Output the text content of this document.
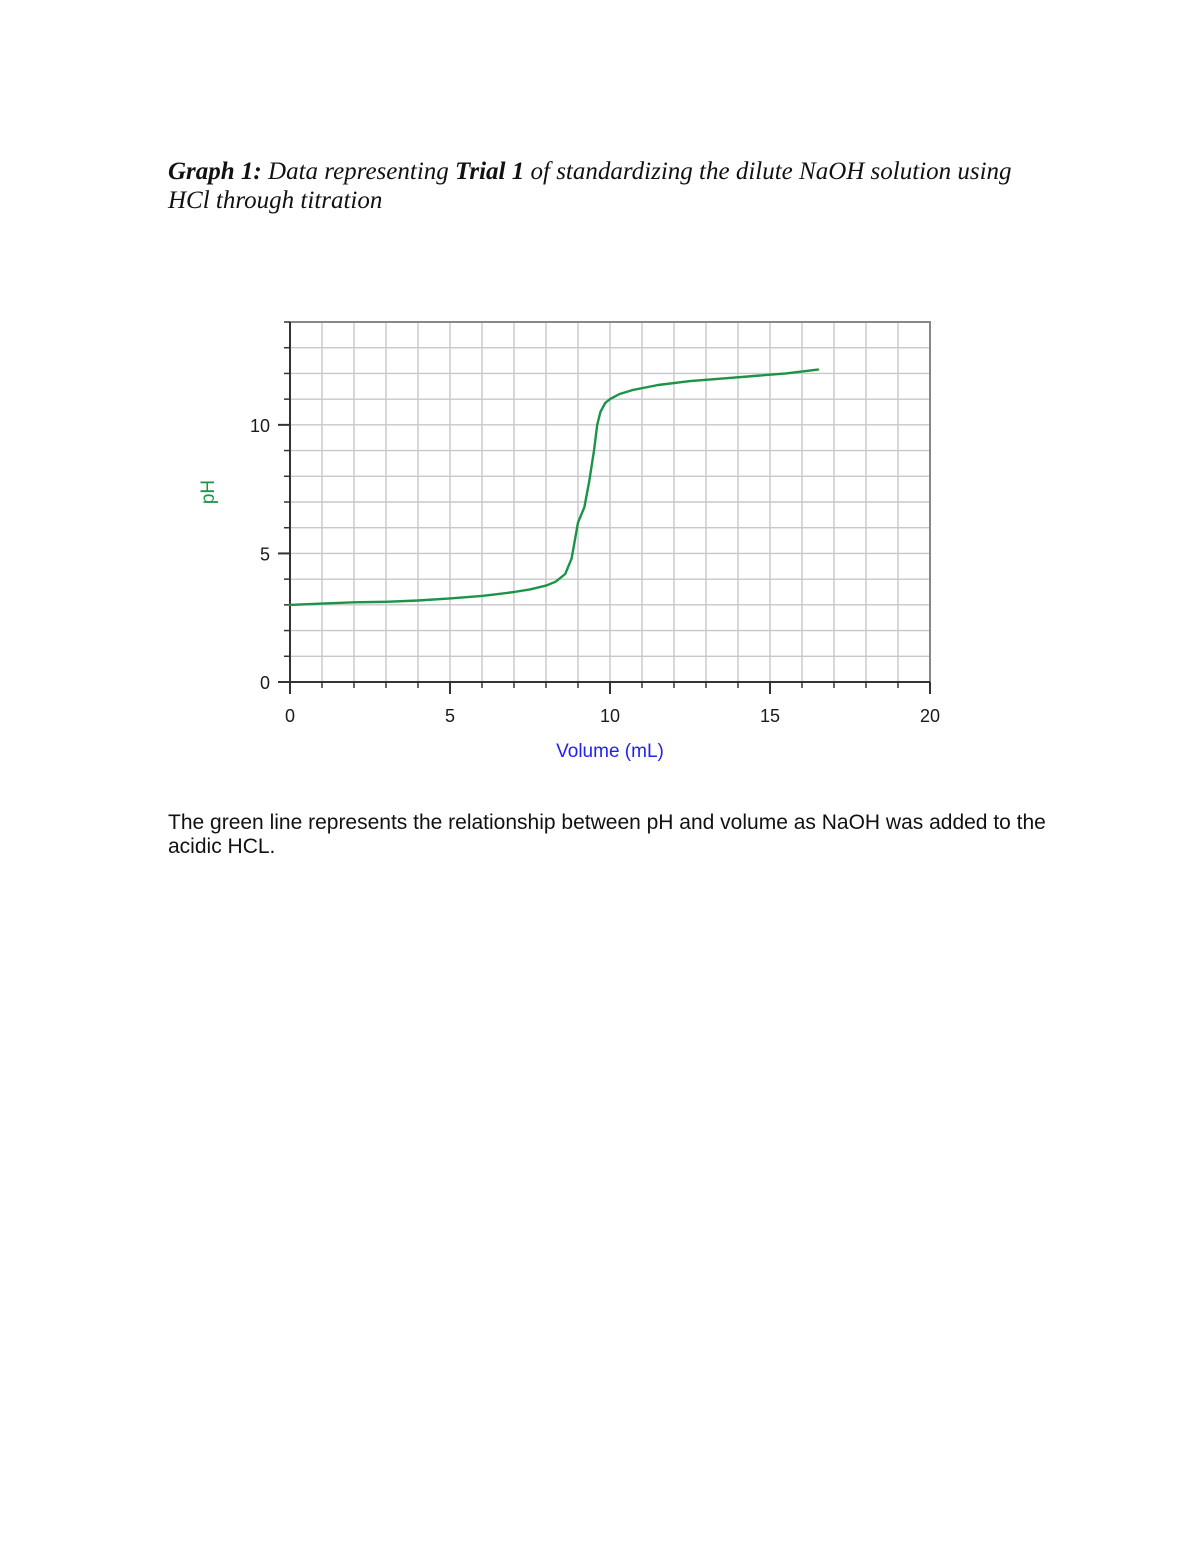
Graph 1: Data representing Trial 1 of standardizing the dilute NaOH solution using HCl through titration
0	5	10	15	20
0
5
10
Volume (mL)
pH
The green line represents the relationship between pH and volume as NaOH was added to the acidic HCL.
